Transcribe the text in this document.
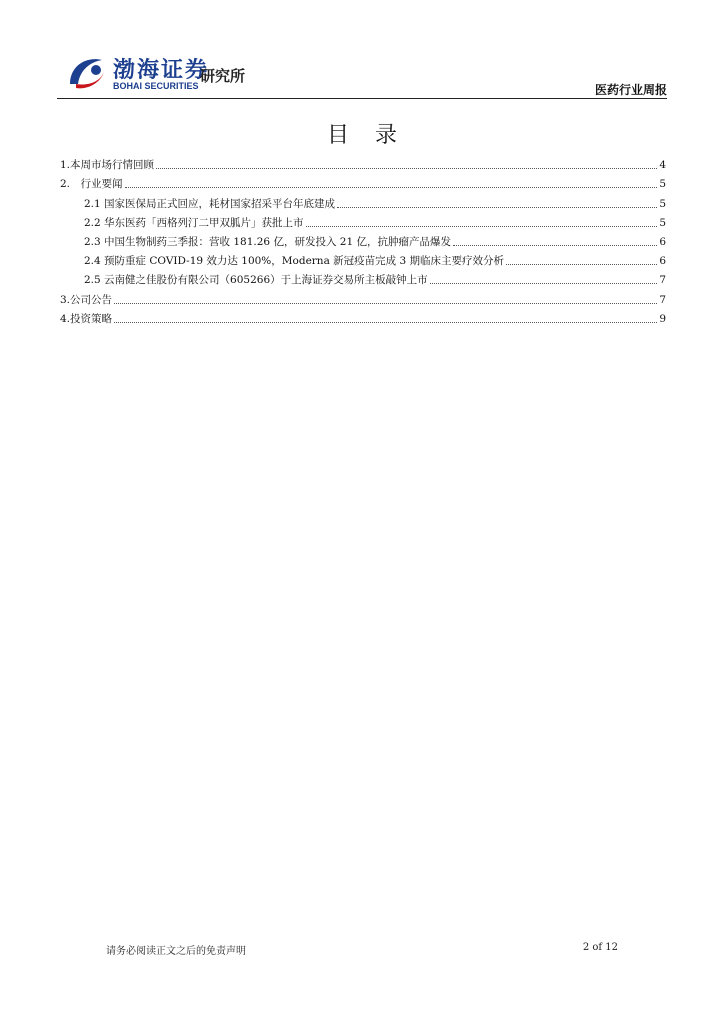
渤海证券
BOHAI SECURITIES
研究所
医药行业周报
目录
1.本周市场行情回顾	4
2.　行业要闻	5
2.1 国家医保局正式回应，耗材国家招采平台年底建成	5
2.2 华东医药「西格列汀二甲双胍片」获批上市	5
2.3 中国生物制药三季报：营收 181.26 亿，研发投入 21 亿，抗肿瘤产品爆发	6
2.4 预防重症 COVID-19 效力达 100%，Moderna 新冠疫苗完成 3 期临床主要疗效分析	6
2.5 云南健之佳股份有限公司（605266）于上海证券交易所主板敲钟上市	7
3.公司公告	7
4.投资策略	9
请务必阅读正文之后的免责声明	2 of 12
